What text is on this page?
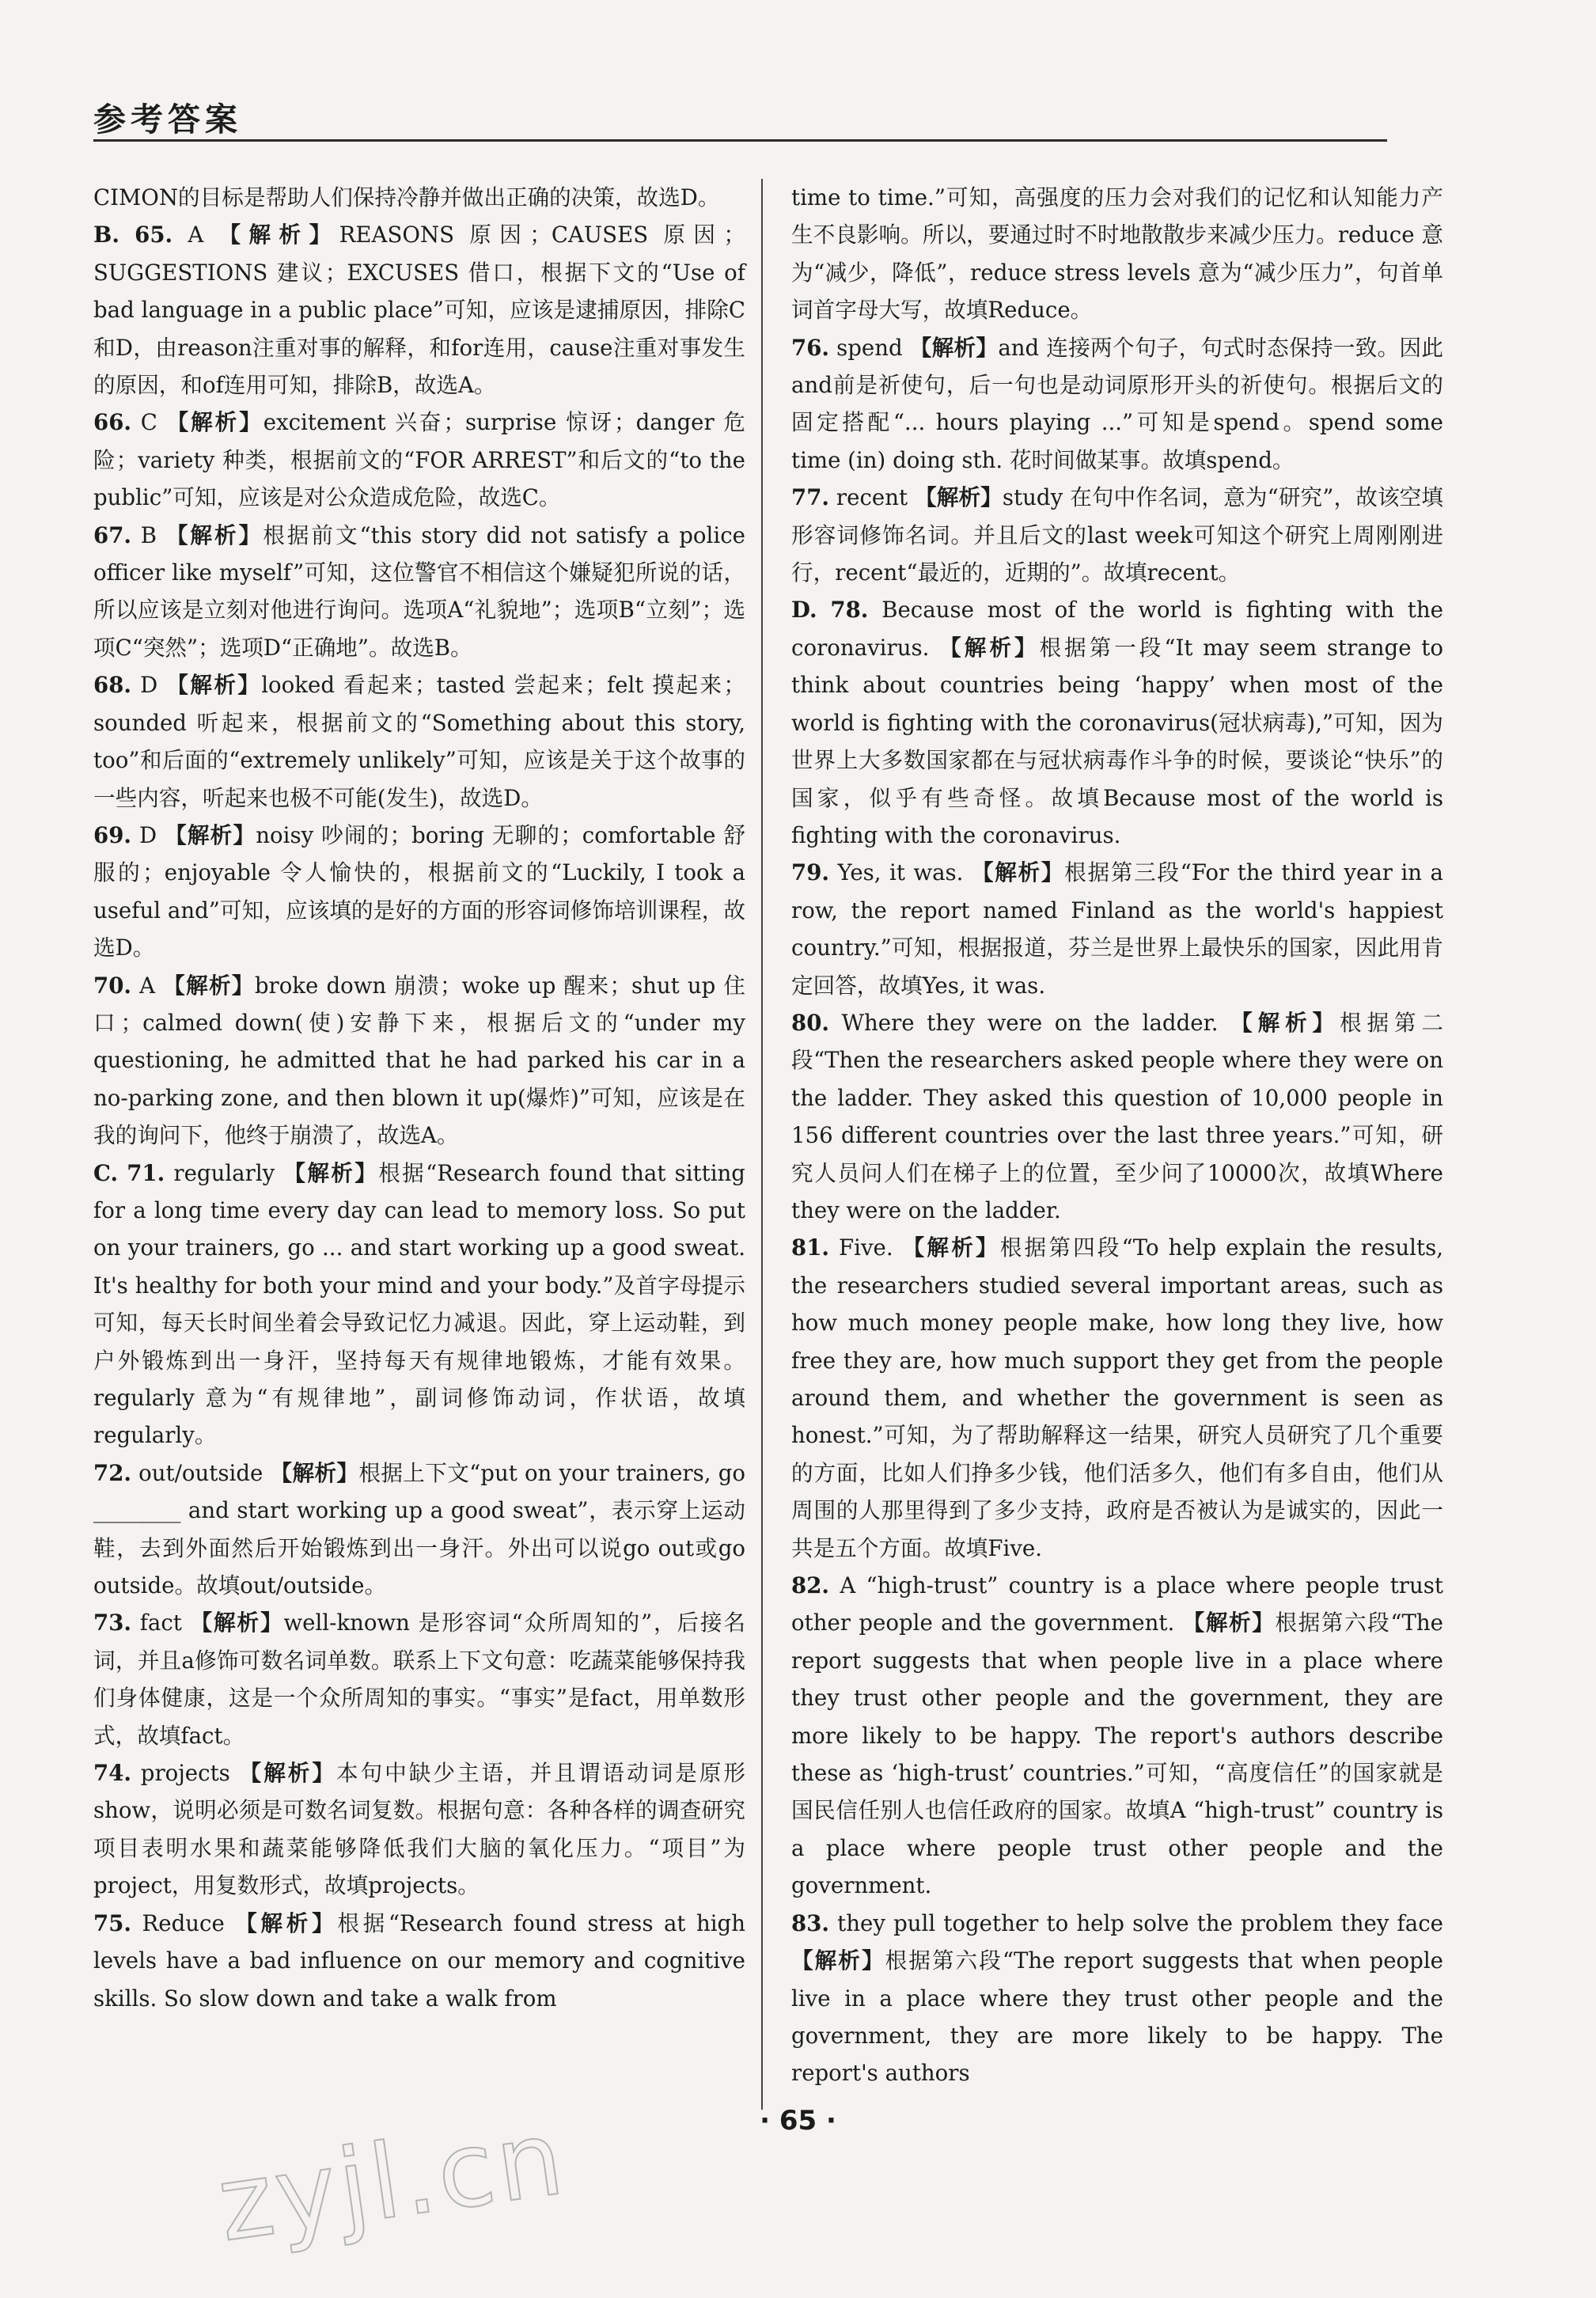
参考答案

CIMON的目标是帮助人们保持冷静并做出正确的决策，故选D。

B. 65. A 【解析】REASONS 原因；CAUSES 原因；SUGGESTIONS 建议；EXCUSES 借口，根据下文的“Use of bad language in a public place”可知，应该是逮捕原因，排除C和D，由reason注重对事的解释，和for连用，cause注重对事发生的原因，和of连用可知，排除B，故选A。

66. C 【解析】excitement 兴奋；surprise 惊讶；danger 危险；variety 种类，根据前文的“FOR ARREST”和后文的“to the public”可知，应该是对公众造成危险，故选C。

67. B 【解析】根据前文“this story did not satisfy a police officer like myself”可知，这位警官不相信这个嫌疑犯所说的话，所以应该是立刻对他进行询问。选项A“礼貌地”；选项B“立刻”；选项C“突然”；选项D“正确地”。故选B。

68. D 【解析】looked 看起来；tasted 尝起来；felt 摸起来；sounded 听起来，根据前文的“Something about this story, too”和后面的“extremely unlikely”可知，应该是关于这个故事的一些内容，听起来也极不可能(发生)，故选D。

69. D 【解析】noisy 吵闹的；boring 无聊的；comfortable 舒服的；enjoyable 令人愉快的，根据前文的“Luckily, I took a useful and”可知，应该填的是好的方面的形容词修饰培训课程，故选D。

70. A 【解析】broke down 崩溃；woke up 醒来；shut up 住口；calmed down(使)安静下来，根据后文的“under my questioning, he admitted that he had parked his car in a no-parking zone, and then blown it up(爆炸)”可知，应该是在我的询问下，他终于崩溃了，故选A。

C. 71. regularly 【解析】根据“Research found that sitting for a long time every day can lead to memory loss. So put on your trainers, go ... and start working up a good sweat. It's healthy for both your mind and your body.”及首字母提示可知，每天长时间坐着会导致记忆力减退。因此，穿上运动鞋，到户外锻炼到出一身汗，坚持每天有规律地锻炼，才能有效果。regularly 意为“有规律地”，副词修饰动词，作状语，故填regularly。

72. out/outside 【解析】根据上下文“put on your trainers, go ________ and start working up a good sweat”，表示穿上运动鞋，去到外面然后开始锻炼到出一身汗。外出可以说go out或go outside。故填out/outside。

73. fact 【解析】well-known 是形容词“众所周知的”，后接名词，并且a修饰可数名词单数。联系上下文句意：吃蔬菜能够保持我们身体健康，这是一个众所周知的事实。“事实”是fact，用单数形式，故填fact。

74. projects 【解析】本句中缺少主语，并且谓语动词是原形show，说明必须是可数名词复数。根据句意：各种各样的调查研究项目表明水果和蔬菜能够降低我们大脑的氧化压力。“项目”为project，用复数形式，故填projects。

75. Reduce 【解析】根据“Research found stress at high levels have a bad influence on our memory and cognitive skills. So slow down and take a walk from

time to time.”可知，高强度的压力会对我们的记忆和认知能力产生不良影响。所以，要通过时不时地散散步来减少压力。reduce 意为“减少，降低”，reduce stress levels 意为“减少压力”，句首单词首字母大写，故填Reduce。

76. spend 【解析】and 连接两个句子，句式时态保持一致。因此and前是祈使句，后一句也是动词原形开头的祈使句。根据后文的固定搭配“... hours playing ...”可知是spend。spend some time (in) doing sth. 花时间做某事。故填spend。

77. recent 【解析】study 在句中作名词，意为“研究”，故该空填形容词修饰名词。并且后文的last week可知这个研究上周刚刚进行，recent“最近的，近期的”。故填recent。

D. 78. Because most of the world is fighting with the coronavirus. 【解析】根据第一段“It may seem strange to think about countries being ‘happy’ when most of the world is fighting with the coronavirus(冠状病毒),”可知，因为世界上大多数国家都在与冠状病毒作斗争的时候，要谈论“快乐”的国家，似乎有些奇怪。故填Because most of the world is fighting with the coronavirus.

79. Yes, it was. 【解析】根据第三段“For the third year in a row, the report named Finland as the world's happiest country.”可知，根据报道，芬兰是世界上最快乐的国家，因此用肯定回答，故填Yes, it was.

80. Where they were on the ladder. 【解析】根据第二段“Then the researchers asked people where they were on the ladder. They asked this question of 10,000 people in 156 different countries over the last three years.”可知，研究人员问人们在梯子上的位置，至少问了10000次，故填Where they were on the ladder.

81. Five. 【解析】根据第四段“To help explain the results, the researchers studied several important areas, such as how much money people make, how long they live, how free they are, how much support they get from the people around them, and whether the government is seen as honest.”可知，为了帮助解释这一结果，研究人员研究了几个重要的方面，比如人们挣多少钱，他们活多久，他们有多自由，他们从周围的人那里得到了多少支持，政府是否被认为是诚实的，因此一共是五个方面。故填Five.

82. A “high-trust” country is a place where people trust other people and the government. 【解析】根据第六段“The report suggests that when people live in a place where they trust other people and the government, they are more likely to be happy. The report's authors describe these as ‘high-trust’ countries.”可知，“高度信任”的国家就是国民信任别人也信任政府的国家。故填A “high-trust” country is a place where people trust other people and the government.

83. they pull together to help solve the problem they face 【解析】根据第六段“The report suggests that when people live in a place where they trust other people and the government, they are more likely to be happy. The report's authors

· 65 ·
zyjl.cn
